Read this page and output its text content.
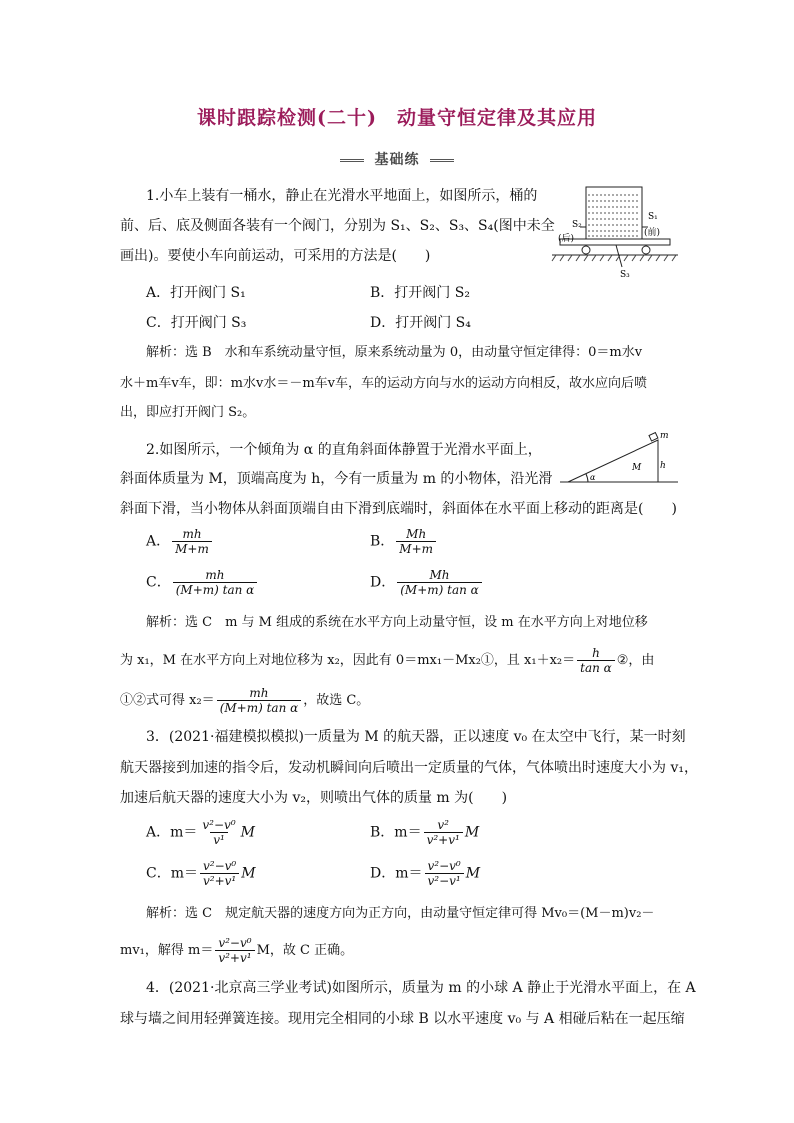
课时跟踪检测(二十)　动量守恒定律及其应用
基础练
1.小车上装有一桶水，静止在光滑水平地面上，如图所示，桶的
前、后、底及侧面各装有一个阀门，分别为 S₁、S₂、S₃、S₄(图中未全
画出)。要使小车向前运动，可采用的方法是(　　)
S₁
(前)
S₂
(后)
S₃
A．打开阀门 S₁	B．打开阀门 S₂
C．打开阀门 S₃	D．打开阀门 S₄
解析：选 B　水和车系统动量守恒，原来系统动量为 0，由动量守恒定律得：0＝m水v
水＋m车v车，即：m水v水＝－m车v车，车的运动方向与水的运动方向相反，故水应向后喷
出，即应打开阀门 S₂。
2.如图所示，一个倾角为 α 的直角斜面体静置于光滑水平面上，
斜面体质量为 M，顶端高度为 h，今有一质量为 m 的小物体，沿光滑
斜面下滑，当小物体从斜面顶端自由下滑到底端时，斜面体在水平面上移动的距离是(　　)
m
M h
α
A． $\frac{mh}{M+m}$	B． $\frac{Mh}{M+m}$
C． $\frac{mh}{\text{(M+m) tan α}}$	D． $\frac{Mh}{\text{(M+m) tan α}}$
解析：选 C　m 与 M 组成的系统在水平方向上动量守恒，设 m 在水平方向上对地位移
为 x₁，M 在水平方向上对地位移为 x₂，因此有 0＝mx₁－Mx₂①，且 $x_1+x_2= \frac{h}{\text{tan α}}$ ②，由
①②式可得 $x_2= \frac{mh}{\text{(M+m) tan α}}$ ，故选 C。
3．(2021·福建模拟模拟)一质量为 M 的航天器，正以速度 v₀ 在太空中飞行，某一时刻
航天器接到加速的指令后，发动机瞬间向后喷出一定质量的气体，气体喷出时速度大小为 v₁，
加速后航天器的速度大小为 v₂，则喷出气体的质量 m 为(　　)
A．$m= \frac{\text{v²−v⁰}}{\text{v¹}}$ M	B．$m= \frac{\text{v²}}{\text{v²+v¹}}$ M
C．$m= \frac{\text{v²−v⁰}}{\text{v²+v¹}}$ M	D．$m= \frac{\text{v²−v⁰}}{\text{v²−v¹}}$ M
解析：选 C　规定航天器的速度方向为正方向，由动量守恒定律可得 Mv₀＝(M－m)v₂－
mv₁，解得 $m= \frac{\text{v²−v⁰}}{\text{v²+v¹}}$ M，故 C 正确。
4．(2021·北京高三学业考试)如图所示，质量为 m 的小球 A 静止于光滑水平面上，在 A
球与墙之间用轻弹簧连接。现用完全相同的小球 B 以水平速度 v₀ 与 A 相碰后粘在一起压缩
